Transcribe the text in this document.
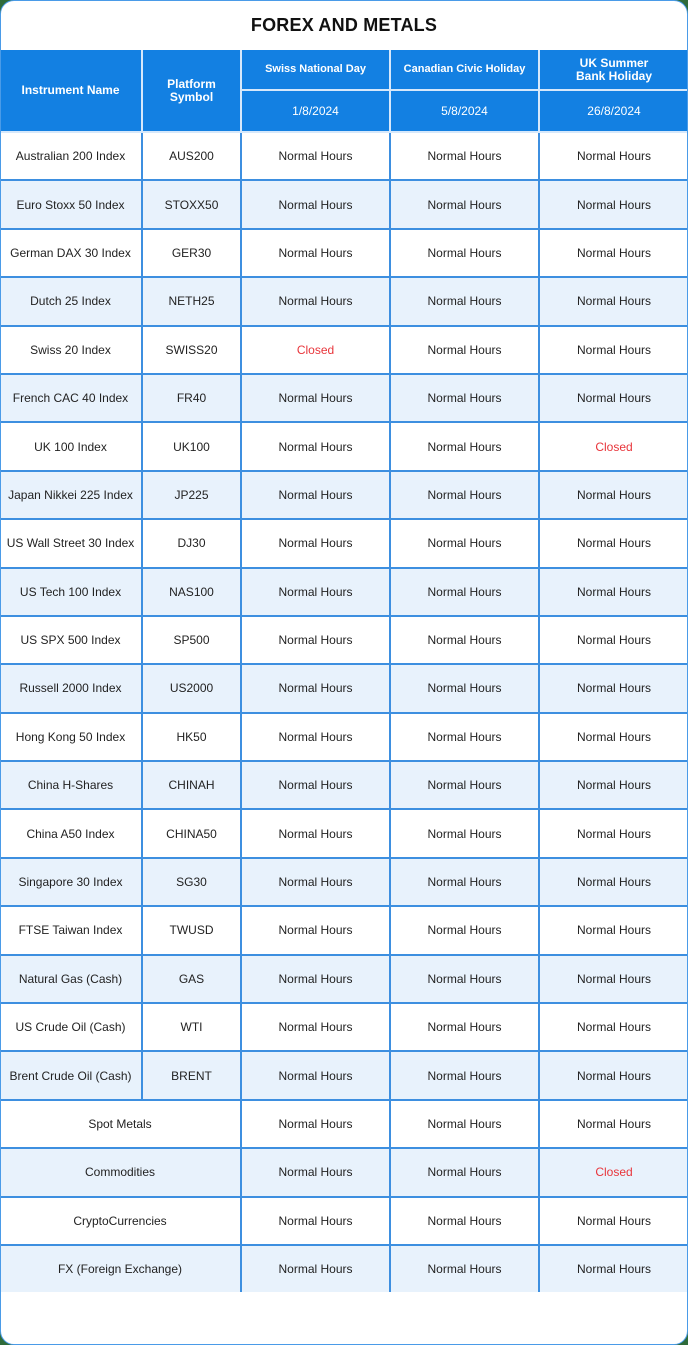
FOREX AND METALS
Instrument Name	Platform Symbol	Swiss National Day	Canadian Civic Holiday	UK Summer Bank Holiday
		1/8/2024	5/8/2024	26/8/2024
Australian 200 Index	AUS200	Normal Hours	Normal Hours	Normal Hours
Euro Stoxx 50 Index	STOXX50	Normal Hours	Normal Hours	Normal Hours
German DAX 30 Index	GER30	Normal Hours	Normal Hours	Normal Hours
Dutch 25 Index	NETH25	Normal Hours	Normal Hours	Normal Hours
Swiss 20 Index	SWISS20	Closed	Normal Hours	Normal Hours
French CAC 40 Index	FR40	Normal Hours	Normal Hours	Normal Hours
UK 100 Index	UK100	Normal Hours	Normal Hours	Closed
Japan Nikkei 225 Index	JP225	Normal Hours	Normal Hours	Normal Hours
US Wall Street 30 Index	DJ30	Normal Hours	Normal Hours	Normal Hours
US Tech 100 Index	NAS100	Normal Hours	Normal Hours	Normal Hours
US SPX 500 Index	SP500	Normal Hours	Normal Hours	Normal Hours
Russell 2000 Index	US2000	Normal Hours	Normal Hours	Normal Hours
Hong Kong 50 Index	HK50	Normal Hours	Normal Hours	Normal Hours
China H-Shares	CHINAH	Normal Hours	Normal Hours	Normal Hours
China A50 Index	CHINA50	Normal Hours	Normal Hours	Normal Hours
Singapore 30 Index	SG30	Normal Hours	Normal Hours	Normal Hours
FTSE Taiwan Index	TWUSD	Normal Hours	Normal Hours	Normal Hours
Natural Gas (Cash)	GAS	Normal Hours	Normal Hours	Normal Hours
US Crude Oil (Cash)	WTI	Normal Hours	Normal Hours	Normal Hours
Brent Crude Oil (Cash)	BRENT	Normal Hours	Normal Hours	Normal Hours
Spot Metals		Normal Hours	Normal Hours	Normal Hours
Commodities		Normal Hours	Normal Hours	Closed
CryptoCurrencies		Normal Hours	Normal Hours	Normal Hours
FX (Foreign Exchange)		Normal Hours	Normal Hours	Normal Hours
